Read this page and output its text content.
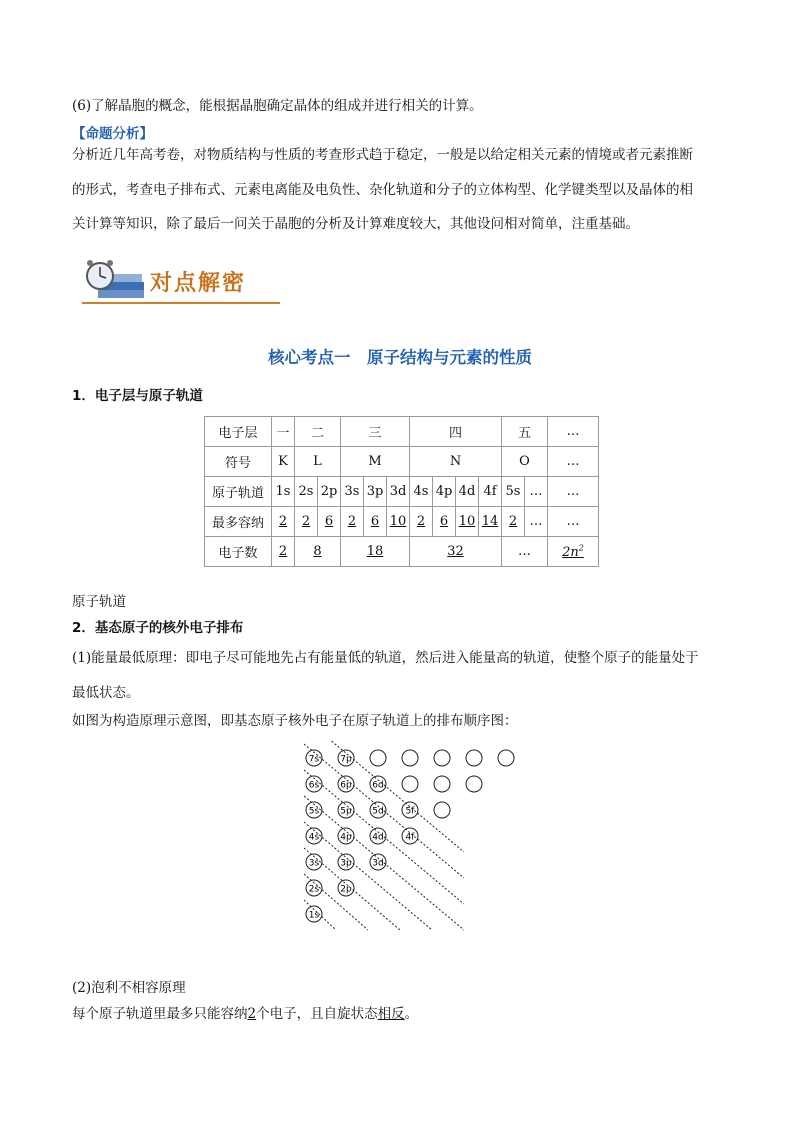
(6)了解晶胞的概念，能根据晶胞确定晶体的组成并进行相关的计算。
【命题分析】
分析近几年高考卷，对物质结构与性质的考查形式趋于稳定，一般是以给定相关元素的情境或者元素推断
的形式，考查电子排布式、元素电离能及电负性、杂化轨道和分子的立体构型、化学键类型以及晶体的相
关计算等知识，除了最后一问关于晶胞的分析及计算难度较大，其他设问相对简单，注重基础。
对点解密
核心考点一　原子结构与元素的性质
1．电子层与原子轨道
电子层	一	二		三			四				五		…
符号	K	L		M			N				O		…
原子轨道	1s	2s	2p	3s	3p	3d	4s	4p	4d	4f	5s	…	…
最多容纳	2	2	6	2	6	10	2	6	10	14	2	…	…
电子数	2	8		18			32				…		$2n^2$
原子轨道
2．基态原子的核外电子排布
(1)能量最低原理：即电子尽可能地先占有能量低的轨道，然后进入能量高的轨道，使整个原子的能量处于
最低状态。
如图为构造原理示意图，即基态原子核外电子在原子轨道上的排布顺序图：
7s 7p
6s 6p 6d
5s 5p 5d 5f
4s 4p 4d 4f
3s 3p 3d
2s 2p
1s
(2)泡利不相容原理
每个原子轨道里最多只能容纳2个电子，且自旋状态相反。
